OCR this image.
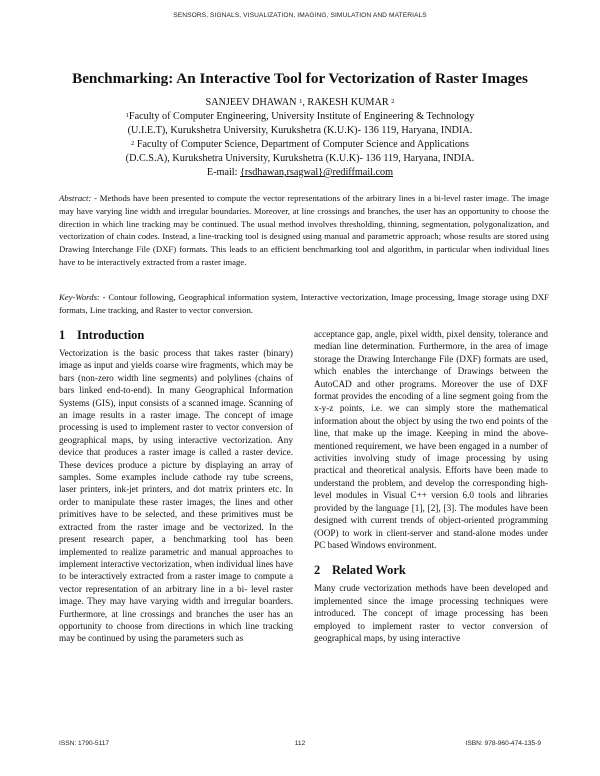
SENSORS, SIGNALS, VISUALIZATION, IMAGING, SIMULATION AND MATERIALS
Benchmarking: An Interactive Tool for Vectorization of Raster Images
SANJEEV DHAWAN $^1$, RAKESH KUMAR $^2$
$^1$Faculty of Computer Engineering, University Institute of Engineering & Technology
(U.I.E.T), Kurukshetra University, Kurukshetra (K.U.K)- 136 119, Haryana, INDIA.
$^2$ Faculty of Computer Science, Department of Computer Science and Applications
(D.C.S.A), Kurukshetra University, Kurukshetra (K.U.K)- 136 119, Haryana, INDIA.
E-mail: {rsdhawan,rsagwal}@rediffmail.com
Abstract: - Methods have been presented to compute the vector representations of the arbitrary lines in a bi-level raster image. The image may have varying line width and irregular boundaries. Moreover, at line crossings and branches, the user has an opportunity to choose the direction in which line tracking may be continued. The usual method involves thresholding, thinning, segmentation, polygonalization, and vectorization of chain codes. Instead, a line-tracking tool is designed using manual and parametric approach; whose results are stored using Drawing Interchange File (DXF) formats. This leads to an efficient benchmarking tool and algorithm, in particular when individual lines have to be interactively extracted from a raster image.
Key-Words: - Contour following, Geographical information system, Interactive vectorization, Image processing, Image storage using DXF formats, Line tracking, and Raster to vector conversion.
1 Introduction

Vectorization is the basic process that takes raster (binary) image as input and yields coarse wire fragments, which may be bars (non-zero width line segments) and polylines (chains of bars linked end-to-end). In many Geographical Information Systems (GIS), input consists of a scanned image. Scanning of an image results in a raster image. The concept of image processing is used to implement raster to vector conversion of geographical maps, by using interactive vectorization. Any device that produces a raster image is called a raster device. These devices produce a picture by displaying an array of samples. Some examples include cathode ray tube screens, laser printers, ink-jet printers, and dot matrix printers etc. In order to manipulate these raster images, the lines and other primitives have to be selected, and these primitives must be extracted from the raster image and be vectorized. In the present research paper, a benchmarking tool has been implemented to realize parametric and manual approaches to implement interactive vectorization, when individual lines have to be interactively extracted from a raster image to compute a vector representation of an arbitrary line in a bi- level raster image. They may have varying width and irregular boarders. Furthermore, at line crossings and branches the user has an opportunity to choose from directions in which line tracking may be continued by using the parameters such as

acceptance gap, angle, pixel width, pixel density, tolerance and median line determination. Furthermore, in the area of image storage the Drawing Interchange File (DXF) formats are used, which enables the interchange of Drawings between the AutoCAD and other programs. Moreover the use of DXF format provides the encoding of a line segment going from the x-y-z points, i.e. we can simply store the mathematical information about the object by using the two end points of the line, that make up the image. Keeping in mind the above-mentioned requirement, we have been engaged in a number of activities involving study of image processing by using practical and theoretical analysis. Efforts have been made to understand the problem, and develop the corresponding high-level modules in Visual C++ version 6.0 tools and libraries provided by the language [1], [2], [3]. The modules have been designed with current trends of object-oriented programming (OOP) to work in client-server and stand-alone modes under PC based Windows environment.

2 Related Work

Many crude vectorization methods have been developed and implemented since the image processing techniques were introduced. The concept of image processing has been employed to implement raster to vector conversion of geographical maps, by using interactive

ISSN: 1790-5117	112	ISBN: 978-960-474-135-9
